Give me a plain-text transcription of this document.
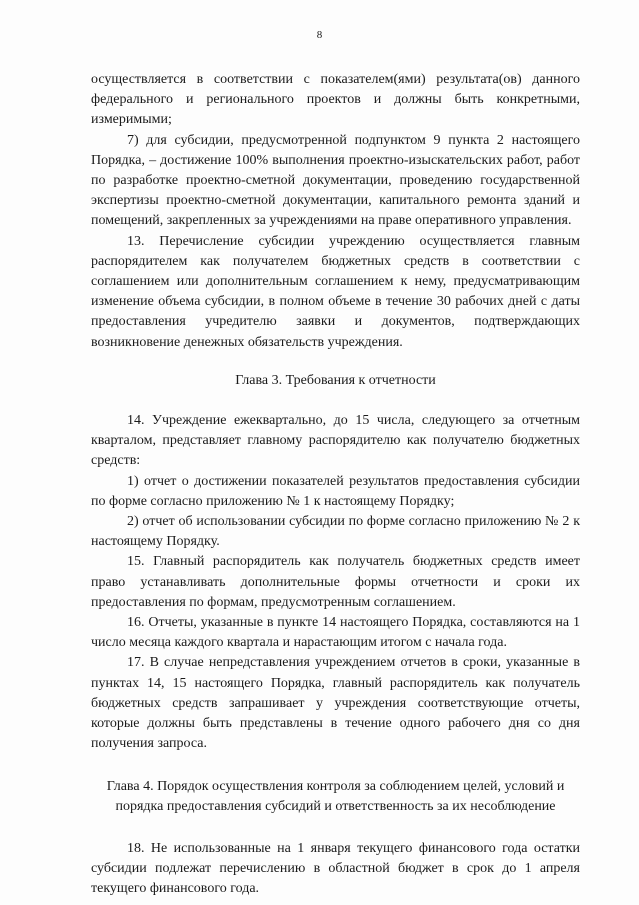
8

осуществляется в соответствии с показателем(ями) результата(ов) данного федерального и регионального проектов и должны быть конкретными, измеримыми;

7) для субсидии, предусмотренной подпунктом 9 пункта 2 настоящего Порядка, – достижение 100% выполнения проектно-изыскательских работ, работ по разработке проектно-сметной документации, проведению государственной экспертизы проектно-сметной документации, капитального ремонта зданий и помещений, закрепленных за учреждениями на праве оперативного управления.

13. Перечисление субсидии учреждению осуществляется главным распорядителем как получателем бюджетных средств в соответствии с соглашением или дополнительным соглашением к нему, предусматривающим изменение объема субсидии, в полном объеме в течение 30 рабочих дней с даты предоставления учредителю заявки и документов, подтверждающих возникновение денежных обязательств учреждения.

Глава 3. Требования к отчетности

14. Учреждение ежеквартально, до 15 числа, следующего за отчетным кварталом, представляет главному распорядителю как получателю бюджетных средств:

1) отчет о достижении показателей результатов предоставления субсидии по форме согласно приложению № 1 к настоящему Порядку;

2) отчет об использовании субсидии по форме согласно приложению № 2 к настоящему Порядку.

15. Главный распорядитель как получатель бюджетных средств имеет право устанавливать дополнительные формы отчетности и сроки их предоставления по формам, предусмотренным соглашением.

16. Отчеты, указанные в пункте 14 настоящего Порядка, составляются на 1 число месяца каждого квартала и нарастающим итогом с начала года.

17. В случае непредставления учреждением отчетов в сроки, указанные в пунктах 14, 15 настоящего Порядка, главный распорядитель как получатель бюджетных средств запрашивает у учреждения соответствующие отчеты, которые должны быть представлены в течение одного рабочего дня со дня получения запроса.

Глава 4. Порядок осуществления контроля за соблюдением целей, условий и порядка предоставления субсидий и ответственность за их несоблюдение

18. Не использованные на 1 января текущего финансового года остатки субсидии подлежат перечислению в областной бюджет в срок до 1 апреля текущего финансового года.
